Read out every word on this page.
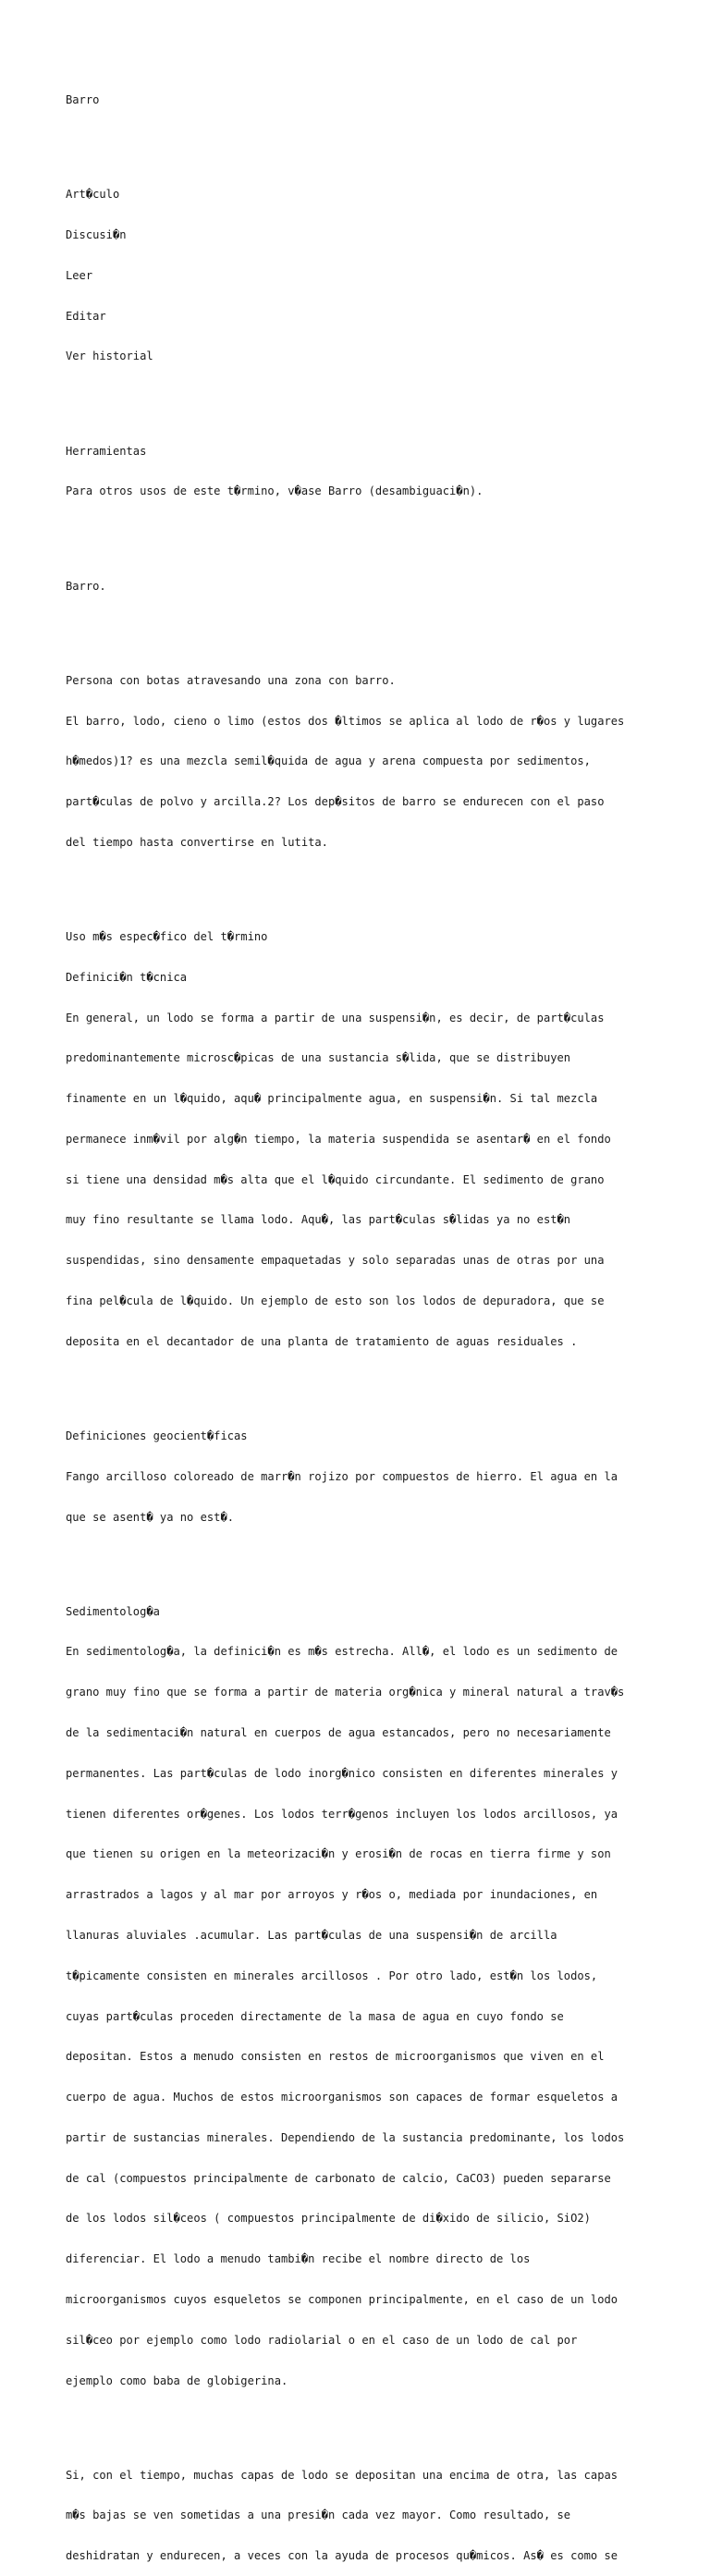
Barro

Art�culo

Discusi�n

Leer

Editar

Ver historial

Herramientas

Para otros usos de este t�rmino, v�ase Barro (desambiguaci�n).

Barro.

Persona con botas atravesando una zona con barro.

El barro, lodo, cieno o limo (estos dos �ltimos se aplica al lodo de r�os y lugares

h�medos)1? es una mezcla semil�quida de agua y arena compuesta por sedimentos,

part�culas de polvo y arcilla.2? Los dep�sitos de barro se endurecen con el paso

del tiempo hasta convertirse en lutita.

Uso m�s espec�fico del t�rmino

Definici�n t�cnica

En general, un lodo se forma a partir de una suspensi�n, es decir, de part�culas

predominantemente microsc�picas de una sustancia s�lida, que se distribuyen

finamente en un l�quido, aqu� principalmente agua, en suspensi�n. Si tal mezcla

permanece inm�vil por alg�n tiempo, la materia suspendida se asentar� en el fondo

si tiene una densidad m�s alta que el l�quido circundante. El sedimento de grano

muy fino resultante se llama lodo. Aqu�, las part�culas s�lidas ya no est�n

suspendidas, sino densamente empaquetadas y solo separadas unas de otras por una

fina pel�cula de l�quido. Un ejemplo de esto son los lodos de depuradora, que se

deposita en el decantador de una planta de tratamiento de aguas residuales .

Definiciones geocient�ficas

Fango arcilloso coloreado de marr�n rojizo por compuestos de hierro. El agua en la

que se asent� ya no est�.

Sedimentolog�a

En sedimentolog�a, la definici�n es m�s estrecha. All�, el lodo es un sedimento de

grano muy fino que se forma a partir de materia org�nica y mineral natural a trav�s

de la sedimentaci�n natural en cuerpos de agua estancados, pero no necesariamente

permanentes. Las part�culas de lodo inorg�nico consisten en diferentes minerales y

tienen diferentes or�genes. Los lodos terr�genos incluyen los lodos arcillosos, ya

que tienen su origen en la meteorizaci�n y erosi�n de rocas en tierra firme y son

arrastrados a lagos y al mar por arroyos y r�os o, mediada por inundaciones, en

llanuras aluviales .acumular. Las part�culas de una suspensi�n de arcilla

t�picamente consisten en minerales arcillosos . Por otro lado, est�n los lodos,

cuyas part�culas proceden directamente de la masa de agua en cuyo fondo se

depositan. Estos a menudo consisten en restos de microorganismos que viven en el

cuerpo de agua. Muchos de estos microorganismos son capaces de formar esqueletos a

partir de sustancias minerales. Dependiendo de la sustancia predominante, los lodos

de cal (compuestos principalmente de carbonato de calcio, CaCO3) pueden separarse

de los lodos sil�ceos ( compuestos principalmente de di�xido de silicio, SiO2)

diferenciar. El lodo a menudo tambi�n recibe el nombre directo de los

microorganismos cuyos esqueletos se componen principalmente, en el caso de un lodo

sil�ceo por ejemplo como lodo radiolarial o en el caso de un lodo de cal por

ejemplo como baba de globigerina.

Si, con el tiempo, muchas capas de lodo se depositan una encima de otra, las capas

m�s bajas se ven sometidas a una presi�n cada vez mayor. Como resultado, se

deshidratan y endurecen, a veces con la ayuda de procesos qu�micos. As� es como se
